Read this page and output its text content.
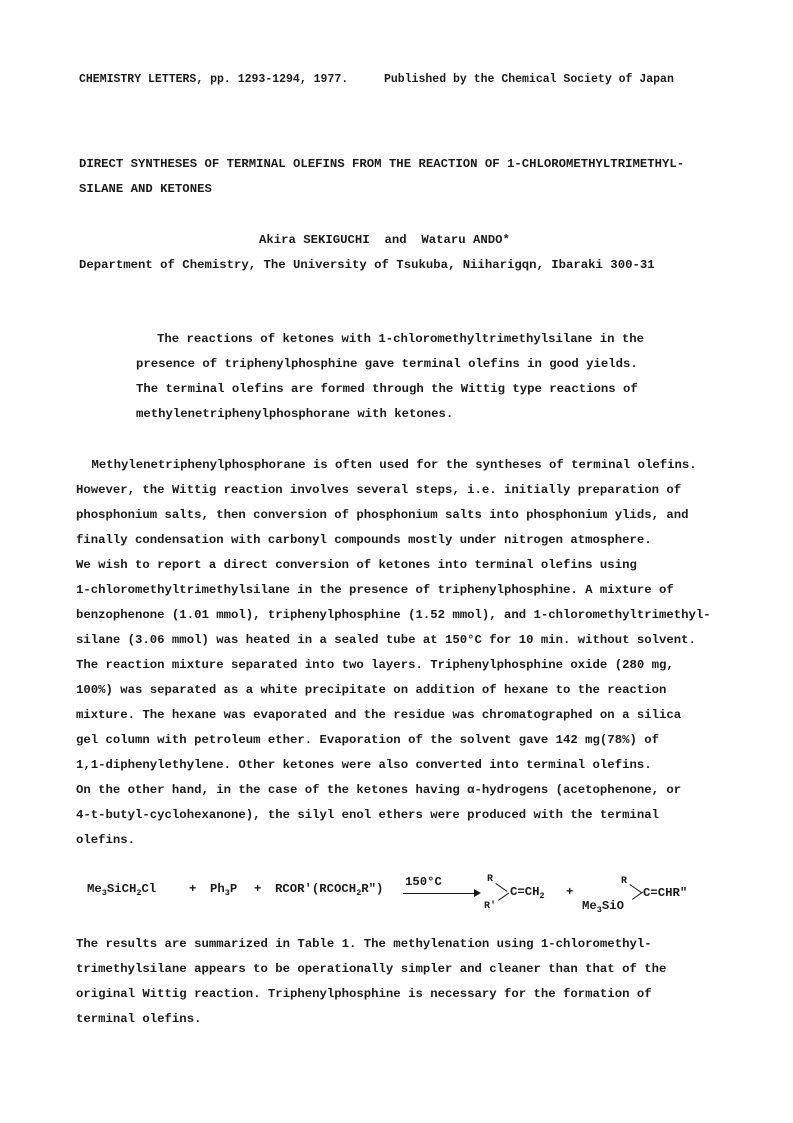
CHEMISTRY LETTERS, pp. 1293-1294, 1977.	Published by the Chemical Society of Japan
DIRECT SYNTHESES OF TERMINAL OLEFINS FROM THE REACTION OF 1-CHLOROMETHYLTRIMETHYL-
SILANE AND KETONES
Akira SEKIGUCHI  and  Wataru ANDO*
Department of Chemistry, The University of Tsukuba, Niiharigqn, Ibaraki 300-31
The reactions of ketones with 1-chloromethyltrimethylsilane in the
presence of triphenylphosphine gave terminal olefins in good yields.
The terminal olefins are formed through the Wittig type reactions of
methylenetriphenylphosphorane with ketones.
Methylenetriphenylphosphorane is often used for the syntheses of terminal olefins.
However, the Wittig reaction involves several steps, i.e. initially preparation of
phosphonium salts, then conversion of phosphonium salts into phosphonium ylids, and
finally condensation with carbonyl compounds mostly under nitrogen atmosphere.
We wish to report a direct conversion of ketones into terminal olefins using
1-chloromethyltrimethylsilane in the presence of triphenylphosphine. A mixture of
benzophenone (1.01 mmol), triphenylphosphine (1.52 mmol), and 1-chloromethyltrimethyl-
silane (3.06 mmol) was heated in a sealed tube at 150°C for 10 min. without solvent.
The reaction mixture separated into two layers. Triphenylphosphine oxide (280 mg,
100%) was separated as a white precipitate on addition of hexane to the reaction
mixture. The hexane was evaporated and the residue was chromatographed on a silica
gel column with petroleum ether. Evaporation of the solvent gave 142 mg(78%) of
1,1-diphenylethylene. Other ketones were also converted into terminal olefins.
On the other hand, in the case of the ketones having α-hydrogens (acetophenone, or
4-t-butyl-cyclohexanone), the silyl enol ethers were produced with the terminal
olefins.
$Me_3SiCH_2Cl$	+ $Ph_3P$ + $RCOR'(RCOCH_2R")$ 150°C	R
R'
$C=CH_2$ +
R
$Me_3SiO$
C=CHR"
The results are summarized in Table 1. The methylenation using 1-chloromethyl-
trimethylsilane appears to be operationally simpler and cleaner than that of the
original Wittig reaction. Triphenylphosphine is necessary for the formation of
terminal olefins.
